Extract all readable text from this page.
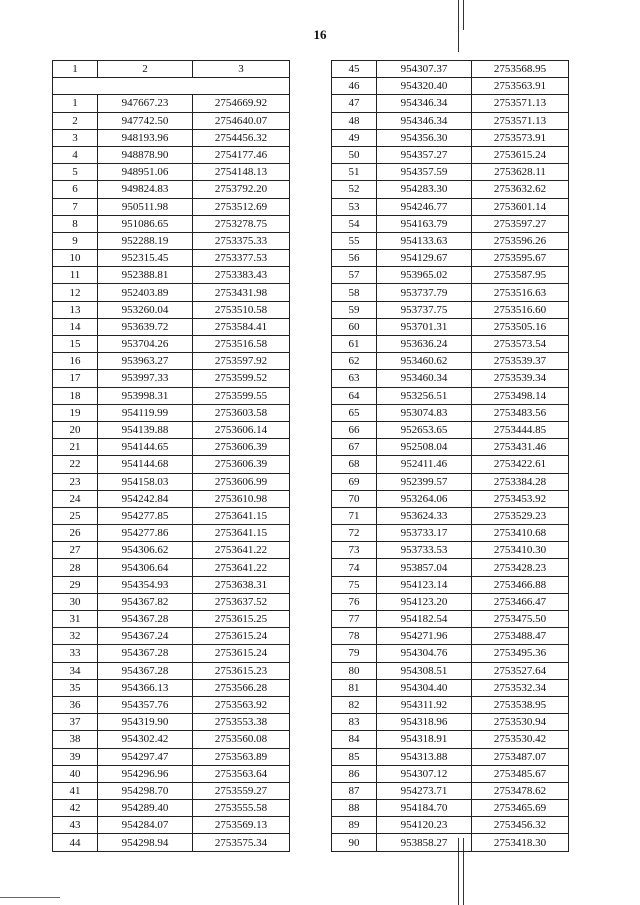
16
1	2	3

1	947667.23	2754669.92
2	947742.50	2754640.07
3	948193.96	2754456.32
4	948878.90	2754177.46
5	948951.06	2754148.13
6	949824.83	2753792.20
7	950511.98	2753512.69
8	951086.65	2753278.75
9	952288.19	2753375.33
10	952315.45	2753377.53
11	952388.81	2753383.43
12	952403.89	2753431.98
13	953260.04	2753510.58
14	953639.72	2753584.41
15	953704.26	2753516.58
16	953963.27	2753597.92
17	953997.33	2753599.52
18	953998.31	2753599.55
19	954119.99	2753603.58
20	954139.88	2753606.14
21	954144.65	2753606.39
22	954144.68	2753606.39
23	954158.03	2753606.99
24	954242.84	2753610.98
25	954277.85	2753641.15
26	954277.86	2753641.15
27	954306.62	2753641.22
28	954306.64	2753641.22
29	954354.93	2753638.31
30	954367.82	2753637.52
31	954367.28	2753615.25
32	954367.24	2753615.24
33	954367.28	2753615.24
34	954367.28	2753615.23
35	954366.13	2753566.28
36	954357.76	2753563.92
37	954319.90	2753553.38
38	954302.42	2753560.08
39	954297.47	2753563.89
40	954296.96	2753563.64
41	954298.70	2753559.27
42	954289.40	2753555.58
43	954284.07	2753569.13
44	954298.94	2753575.34
45	954307.37	2753568.95
46	954320.40	2753563.91
47	954346.34	2753571.13
48	954346.34	2753571.13
49	954356.30	2753573.91
50	954357.27	2753615.24
51	954357.59	2753628.11
52	954283.30	2753632.62
53	954246.77	2753601.14
54	954163.79	2753597.27
55	954133.63	2753596.26
56	954129.67	2753595.67
57	953965.02	2753587.95
58	953737.79	2753516.63
59	953737.75	2753516.60
60	953701.31	2753505.16
61	953636.24	2753573.54
62	953460.62	2753539.37
63	953460.34	2753539.34
64	953256.51	2753498.14
65	953074.83	2753483.56
66	952653.65	2753444.85
67	952508.04	2753431.46
68	952411.46	2753422.61
69	952399.57	2753384.28
70	953264.06	2753453.92
71	953624.33	2753529.23
72	953733.17	2753410.68
73	953733.53	2753410.30
74	953857.04	2753428.23
75	954123.14	2753466.88
76	954123.20	2753466.47
77	954182.54	2753475.50
78	954271.96	2753488.47
79	954304.76	2753495.36
80	954308.51	2753527.64
81	954304.40	2753532.34
82	954311.92	2753538.95
83	954318.96	2753530.94
84	954318.91	2753530.42
85	954313.88	2753487.07
86	954307.12	2753485.67
87	954273.71	2753478.62
88	954184.70	2753465.69
89	954120.23	2753456.32
90	953858.27	2753418.30
